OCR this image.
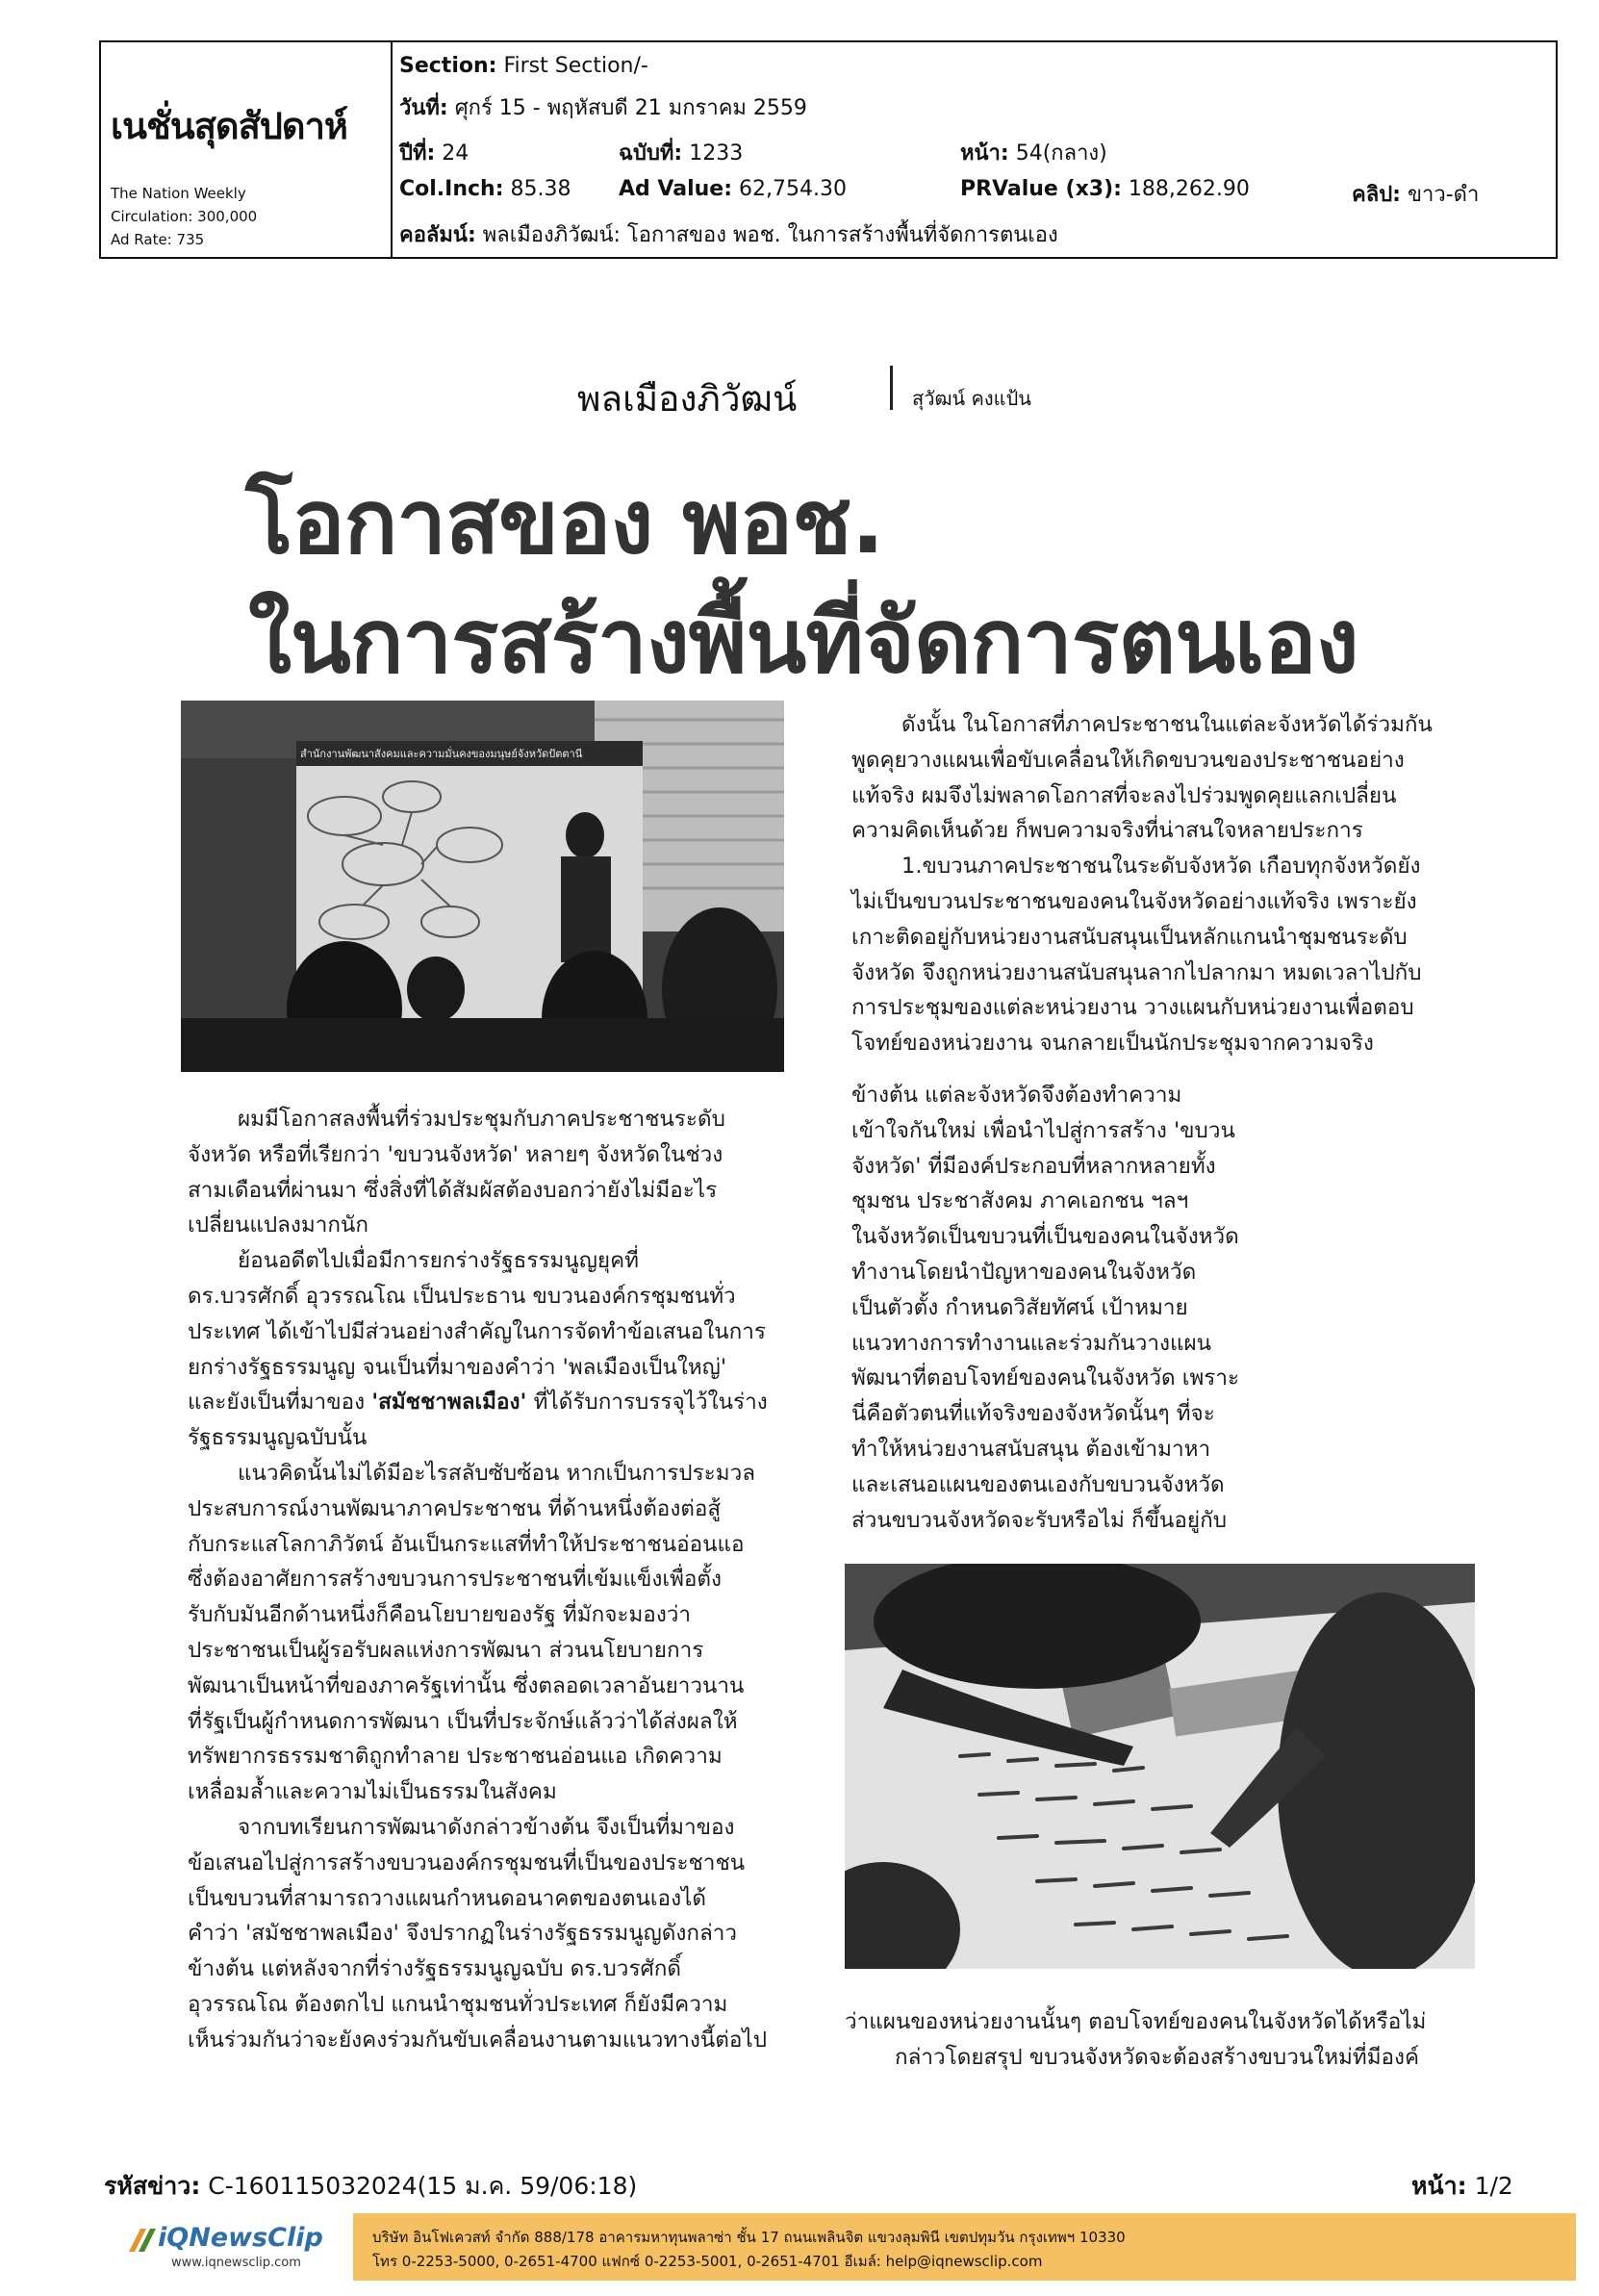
เนชั่นสุดสัปดาห์
The Nation Weekly
Circulation: 300,000
Ad Rate: 735
Section: First Section/-
วันที่: ศุกร์ 15 - พฤหัสบดี 21 มกราคม 2559
ปีที่: 24	ฉบับที่: 1233	หน้า: 54(กลาง)
Col.Inch: 85.38 Ad Value: 62,754.30	PRValue (x3): 188,262.90	คลิป: ขาว-ดำ
คอลัมน์: พลเมืองภิวัฒน์: โอกาสของ พอช. ในการสร้างพื้นที่จัดการตนเอง
พลเมืองภิวัฒน์	สุวัฒน์ คงแป้น
โอกาสของ พอช.
ในการสร้างพื้นที่จัดการตนเอง
สำนักงานพัฒนาสังคมและความมั่นคงของมนุษย์จังหวัดปัตตานี

ดังนั้น ในโอกาสที่ภาคประชาชนในแต่ละจังหวัดได้ร่วมกัน

พูดคุยวางแผนเพื่อขับเคลื่อนให้เกิดขบวนของประชาชนอย่าง

แท้จริง ผมจึงไม่พลาดโอกาสที่จะลงไปร่วมพูดคุยแลกเปลี่ยน

ความคิดเห็นด้วย ก็พบความจริงที่น่าสนใจหลายประการ

1.ขบวนภาคประชาชนในระดับจังหวัด เกือบทุกจังหวัดยัง

ไม่เป็นขบวนประชาชนของคนในจังหวัดอย่างแท้จริง เพราะยัง

เกาะติดอยู่กับหน่วยงานสนับสนุนเป็นหลักแกนนำชุมชนระดับ

จังหวัด จึงถูกหน่วยงานสนับสนุนลากไปลากมา หมดเวลาไปกับ

การประชุมของแต่ละหน่วยงาน วางแผนกับหน่วยงานเพื่อตอบ

โจทย์ของหน่วยงาน จนกลายเป็นนักประชุมจากความจริง

ข้างต้น แต่ละจังหวัดจึงต้องทำความ

เข้าใจกันใหม่ เพื่อนำไปสู่การสร้าง 'ขบวน

จังหวัด' ที่มีองค์ประกอบที่หลากหลายทั้ง

ชุมชน ประชาสังคม ภาคเอกชน ฯลฯ

ในจังหวัดเป็นขบวนที่เป็นของคนในจังหวัด

ทำงานโดยนำปัญหาของคนในจังหวัด

เป็นตัวตั้ง กำหนดวิสัยทัศน์ เป้าหมาย

แนวทางการทำงานและร่วมกันวางแผน

พัฒนาที่ตอบโจทย์ของคนในจังหวัด เพราะ

นี่คือตัวตนที่แท้จริงของจังหวัดนั้นๆ ที่จะ

ทำให้หน่วยงานสนับสนุน ต้องเข้ามาหา

และเสนอแผนของตนเองกับขบวนจังหวัด

ส่วนขบวนจังหวัดจะรับหรือไม่ ก็ขึ้นอยู่กับ

ผมมีโอกาสลงพื้นที่ร่วมประชุมกับภาคประชาชนระดับ

จังหวัด หรือที่เรียกว่า 'ขบวนจังหวัด' หลายๆ จังหวัดในช่วง

สามเดือนที่ผ่านมา ซึ่งสิ่งที่ได้สัมผัสต้องบอกว่ายังไม่มีอะไร

เปลี่ยนแปลงมากนัก

ย้อนอดีตไปเมื่อมีการยกร่างรัฐธรรมนูญยุคที่

ดร.บวรศักดิ์ อุวรรณโณ เป็นประธาน ขบวนองค์กรชุมชนทั่ว

ประเทศ ได้เข้าไปมีส่วนอย่างสำคัญในการจัดทำข้อเสนอในการ

ยกร่างรัฐธรรมนูญ จนเป็นที่มาของคำว่า 'พลเมืองเป็นใหญ่'

และยังเป็นที่มาของ 'สมัชชาพลเมือง' ที่ได้รับการบรรจุไว้ในร่าง

รัฐธรรมนูญฉบับนั้น

แนวคิดนั้นไม่ได้มีอะไรสลับซับซ้อน หากเป็นการประมวล

ประสบการณ์งานพัฒนาภาคประชาชน ที่ด้านหนึ่งต้องต่อสู้

กับกระแสโลกาภิวัตน์ อันเป็นกระแสที่ทำให้ประชาชนอ่อนแอ

ซึ่งต้องอาศัยการสร้างขบวนการประชาชนที่เข้มแข็งเพื่อตั้ง

รับกับมันอีกด้านหนึ่งก็คือนโยบายของรัฐ ที่มักจะมองว่า

ประชาชนเป็นผู้รอรับผลแห่งการพัฒนา ส่วนนโยบายการ

พัฒนาเป็นหน้าที่ของภาครัฐเท่านั้น ซึ่งตลอดเวลาอันยาวนาน

ที่รัฐเป็นผู้กำหนดการพัฒนา เป็นที่ประจักษ์แล้วว่าได้ส่งผลให้

ทรัพยากรธรรมชาติถูกทำลาย ประชาชนอ่อนแอ เกิดความ

เหลื่อมล้ำและความไม่เป็นธรรมในสังคม

จากบทเรียนการพัฒนาดังกล่าวข้างต้น จึงเป็นที่มาของ

ข้อเสนอไปสู่การสร้างขบวนองค์กรชุมชนที่เป็นของประชาชน

เป็นขบวนที่สามารถวางแผนกำหนดอนาคตของตนเองได้

คำว่า 'สมัชชาพลเมือง' จึงปรากฏในร่างรัฐธรรมนูญดังกล่าว

ข้างต้น แต่หลังจากที่ร่างรัฐธรรมนูญฉบับ ดร.บวรศักดิ์

อุวรรณโณ ต้องตกไป แกนนำชุมชนทั่วประเทศ ก็ยังมีความ

เห็นร่วมกันว่าจะยังคงร่วมกันขับเคลื่อนงานตามแนวทางนี้ต่อไป

ว่าแผนของหน่วยงานนั้นๆ ตอบโจทย์ของคนในจังหวัดได้หรือไม่

กล่าวโดยสรุป ขบวนจังหวัดจะต้องสร้างขบวนใหม่ที่มีองค์

รหัสข่าว: C-160115032024(15 ม.ค. 59/06:18)	หน้า: 1/2
iQNewsClip
www.iqnewsclip.com
บริษัท อินโฟเควสท์ จำกัด 888/178 อาคารมหาทุนพลาซ่า ชั้น 17 ถนนเพลินจิต แขวงลุมพินี เขตปทุมวัน กรุงเทพฯ 10330
โทร 0-2253-5000, 0-2651-4700 แฟกซ์ 0-2253-5001, 0-2651-4701 อีเมล์: help@iqnewsclip.com
